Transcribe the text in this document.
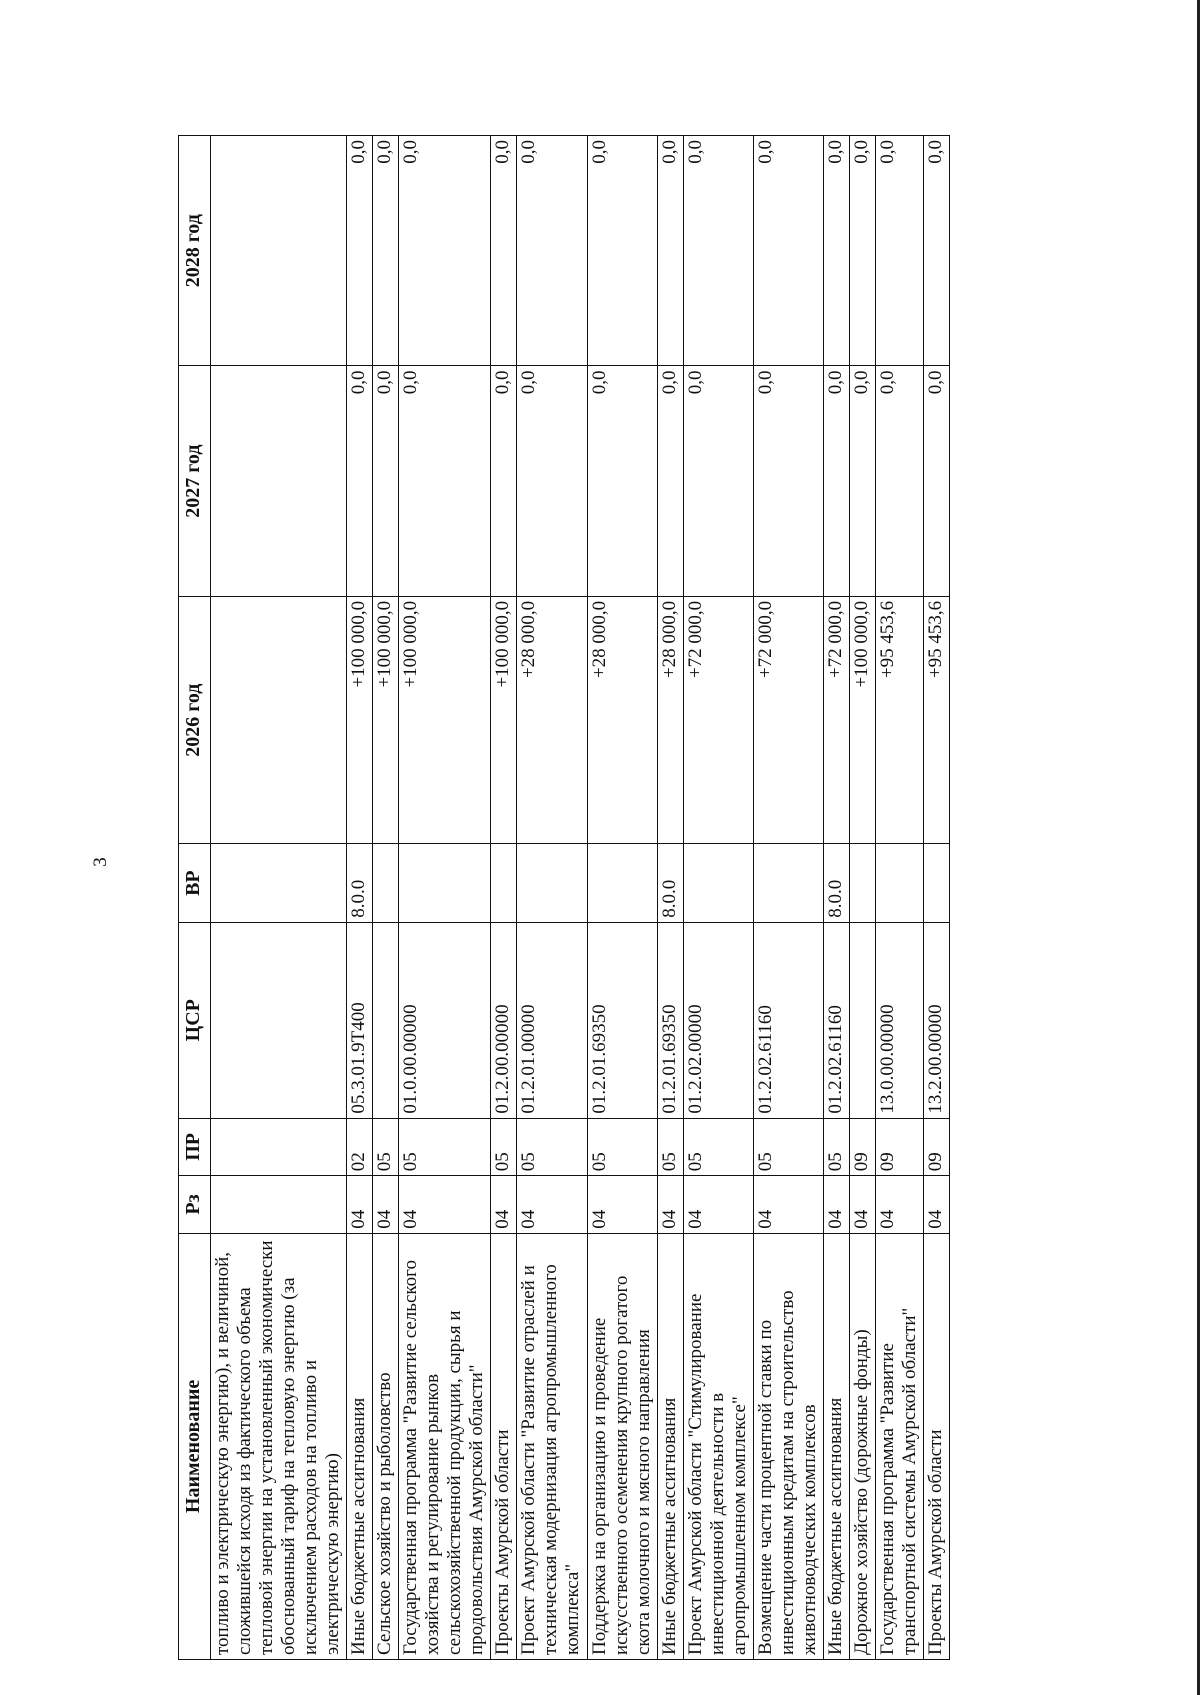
3
Наименование	Рз	ПР	ЦСР	ВР	2026 год	2027 год	2028 год
топливо и электрическую энергию), и величиной, сложившейся исходя из фактического объема тепловой энергии на установленный экономически обоснованный тариф на тепловую энергию (за исключением расходов на топливо и электрическую энергию)							
Иные бюджетные ассигнования	04	02	05.3.01.9Т400	8.0.0	+100 000,0	0,0	0,0
Сельское хозяйство и рыболовство	04	05			+100 000,0	0,0	0,0
Государственная программа "Развитие сельского хозяйства и регулирование рынков сельскохозяйственной продукции, сырья и продовольствия Амурской области"	04	05	01.0.00.00000		+100 000,0	0,0	0,0
Проекты Амурской области	04	05	01.2.00.00000		+100 000,0	0,0	0,0
Проект Амурской области "Развитие отраслей и техническая модернизация агропромышленного комплекса"	04	05	01.2.01.00000		+28 000,0	0,0	0,0
Поддержка на организацию и проведение искусственного осеменения крупного рогатого скота молочного и мясного направления	04	05	01.2.01.69350		+28 000,0	0,0	0,0
Иные бюджетные ассигнования	04	05	01.2.01.69350	8.0.0	+28 000,0	0,0	0,0
Проект Амурской области "Стимулирование инвестиционной деятельности в агропромышленном комплексе"	04	05	01.2.02.00000		+72 000,0	0,0	0,0
Возмещение части процентной ставки по инвестиционным кредитам на строительство животноводческих комплексов	04	05	01.2.02.61160		+72 000,0	0,0	0,0
Иные бюджетные ассигнования	04	05	01.2.02.61160	8.0.0	+72 000,0	0,0	0,0
Дорожное хозяйство (дорожные фонды)	04	09			+100 000,0	0,0	0,0
Государственная программа "Развитие транспортной системы Амурской области"	04	09	13.0.00.00000		+95 453,6	0,0	0,0
Проекты Амурской области	04	09	13.2.00.00000		+95 453,6	0,0	0,0
